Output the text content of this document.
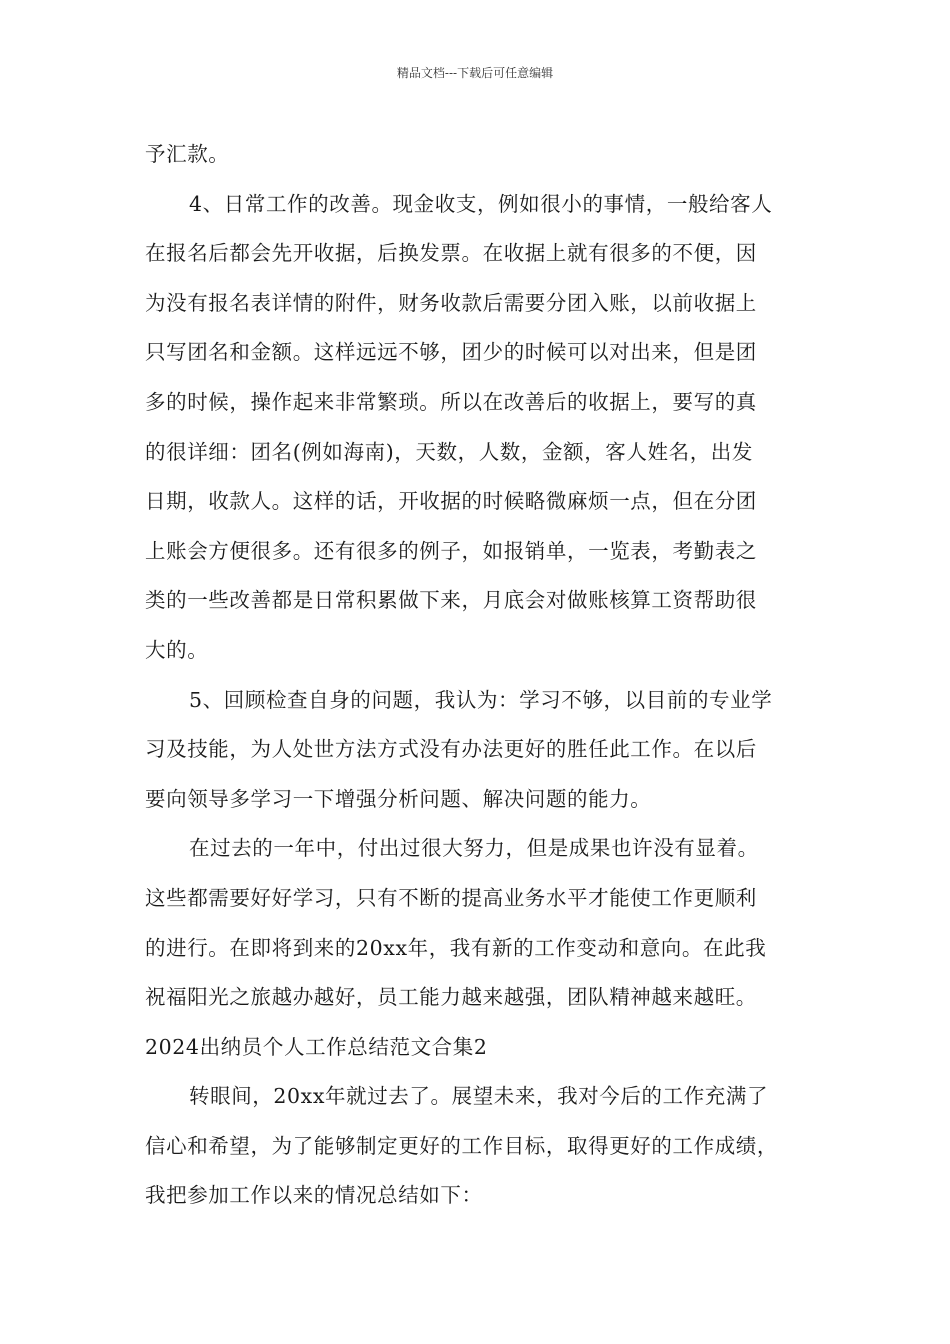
精品文档---下载后可任意编辑
予汇款。
4、日常工作的改善。现金收支，例如很小的事情，一般给客人
在报名后都会先开收据，后换发票。在收据上就有很多的不便，因
为没有报名表详情的附件，财务收款后需要分团入账，以前收据上
只写团名和金额。这样远远不够，团少的时候可以对出来，但是团
多的时候，操作起来非常繁琐。所以在改善后的收据上，要写的真
的很详细：团名(例如海南)，天数，人数，金额，客人姓名，出发
日期，收款人。这样的话，开收据的时候略微麻烦一点，但在分团
上账会方便很多。还有很多的例子，如报销单，一览表，考勤表之
类的一些改善都是日常积累做下来，月底会对做账核算工资帮助很
大的。
5、回顾检查自身的问题，我认为：学习不够，以目前的专业学
习及技能，为人处世方法方式没有办法更好的胜任此工作。在以后
要向领导多学习一下增强分析问题、解决问题的能力。
在过去的一年中，付出过很大努力，但是成果也许没有显着。
这些都需要好好学习，只有不断的提高业务水平才能使工作更顺利
的进行。在即将到来的20xx年，我有新的工作变动和意向。在此我
祝福阳光之旅越办越好，员工能力越来越强，团队精神越来越旺。
2024出纳员个人工作总结范文合集2
转眼间，20xx年就过去了。展望未来，我对今后的工作充满了
信心和希望，为了能够制定更好的工作目标，取得更好的工作成绩，
我把参加工作以来的情况总结如下：
